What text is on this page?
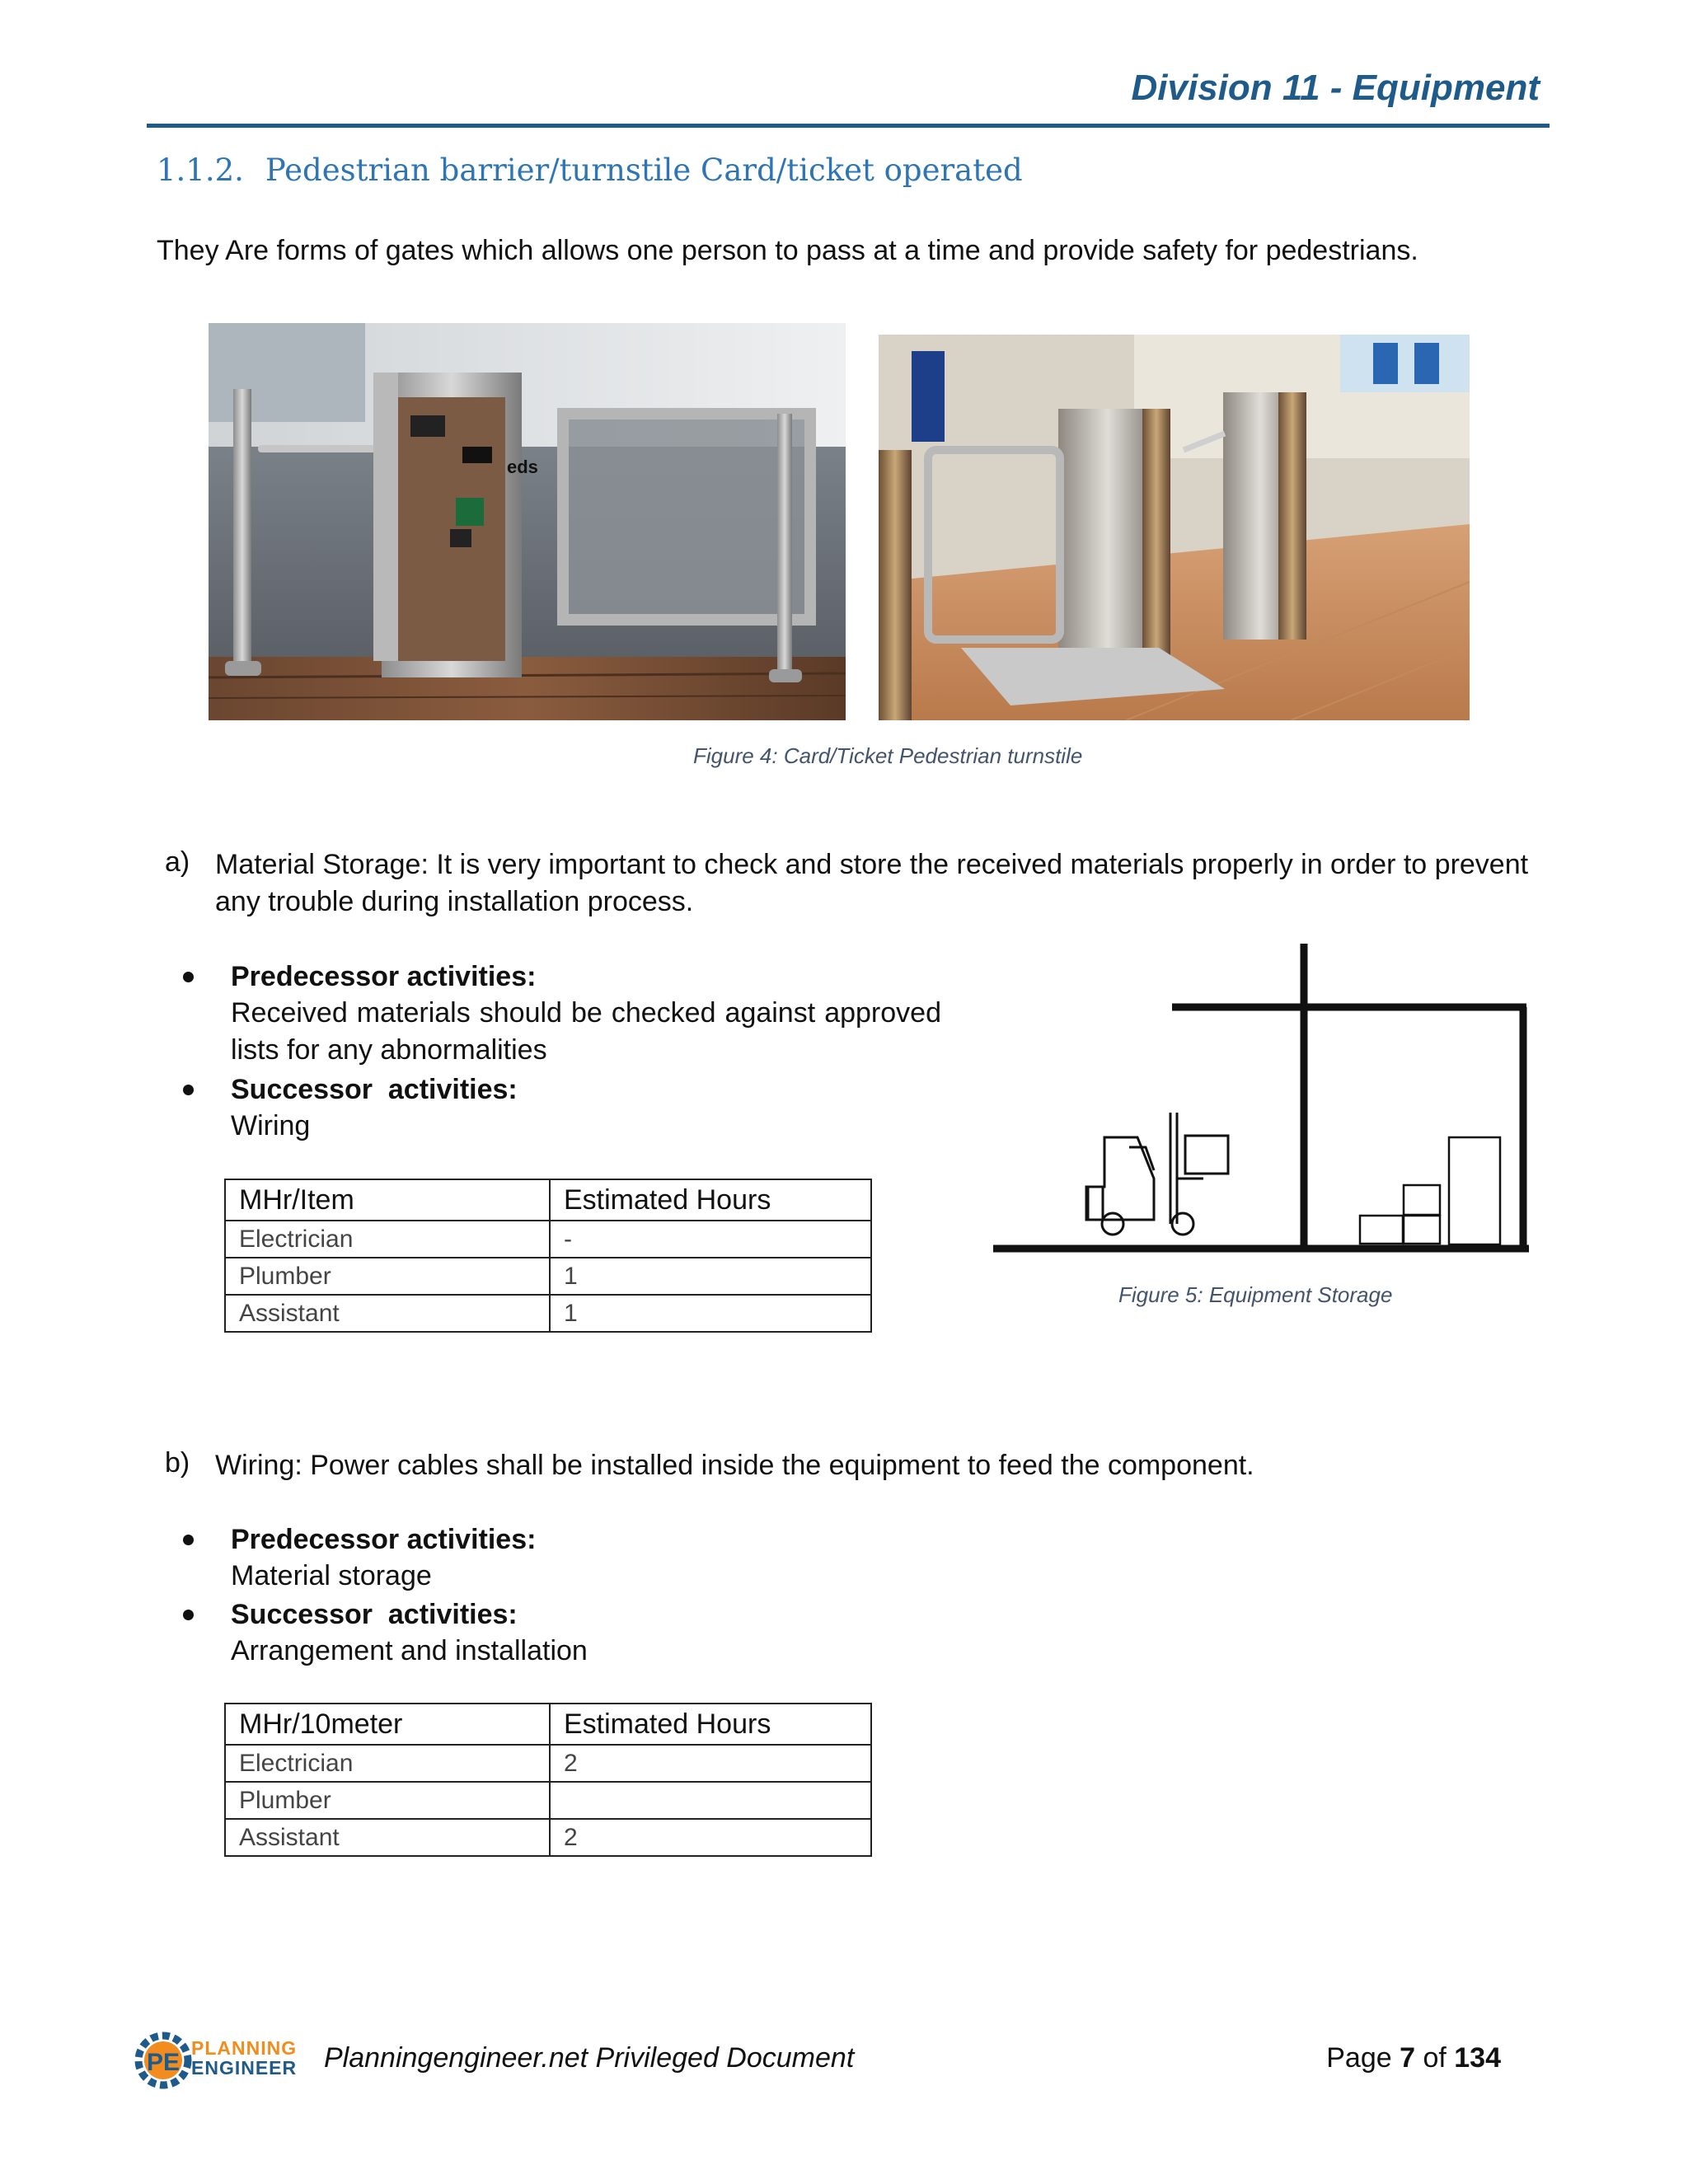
Division 11 - Equipment
1.1.2. Pedestrian barrier/turnstile Card/ticket operated
They Are forms of gates which allows one person to pass at a time and provide safety for pedestrians.
eds
Figure 4: Card/Ticket Pedestrian turnstile
a) Material Storage: It is very important to check and store the received materials properly in order to prevent any trouble during installation process.
Predecessor activities:
Received materials should be checked against approved lists for any abnormalities
Successor  activities:
Wiring
MHr/Item	Estimated Hours
Electrician	-
Plumber	1
Assistant	1
Figure 5: Equipment Storage
b) Wiring: Power cables shall be installed inside the equipment to feed the component.
Predecessor activities:
Material storage
Successor  activities:
Arrangement and installation
MHr/10meter	Estimated Hours
Electrician	2
Plumber	
Assistant	2
PE
PLANNING
ENGINEER Planningengineer.net Privileged Document	Page 7 of 134
